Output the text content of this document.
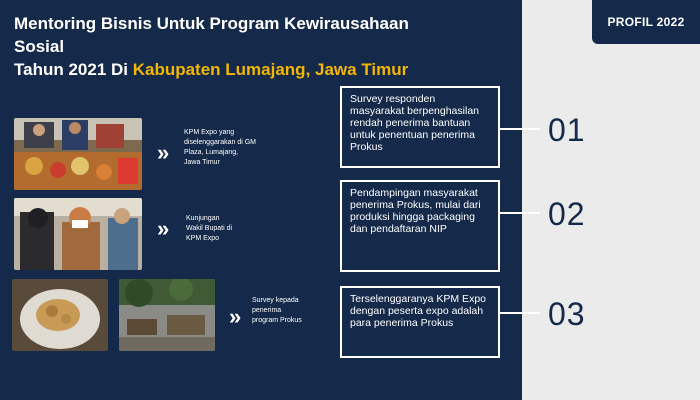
Mentoring Bisnis Untuk Program Kewirausahaan Sosial
Tahun 2021 Di Kabupaten Lumajang, Jawa Timur
PROFIL 2022
»
KPM Expo yang diselenggarakan di GM Plaza, Lumajang, Jawa Timur
»	Kunjungan Wakil Bupati di KPM Expo
»
Survey kepada penerima program Prokus
Survey responden masyarakat berpenghasilan rendah penerima bantuan untuk penentuan penerima Prokus	01
Pendampingan masyarakat penerima Prokus, mulai dari produksi hingga packaging dan pendaftaran NIP	02
Terselenggaranya KPM Expo dengan peserta expo adalah para penerima Prokus	03
